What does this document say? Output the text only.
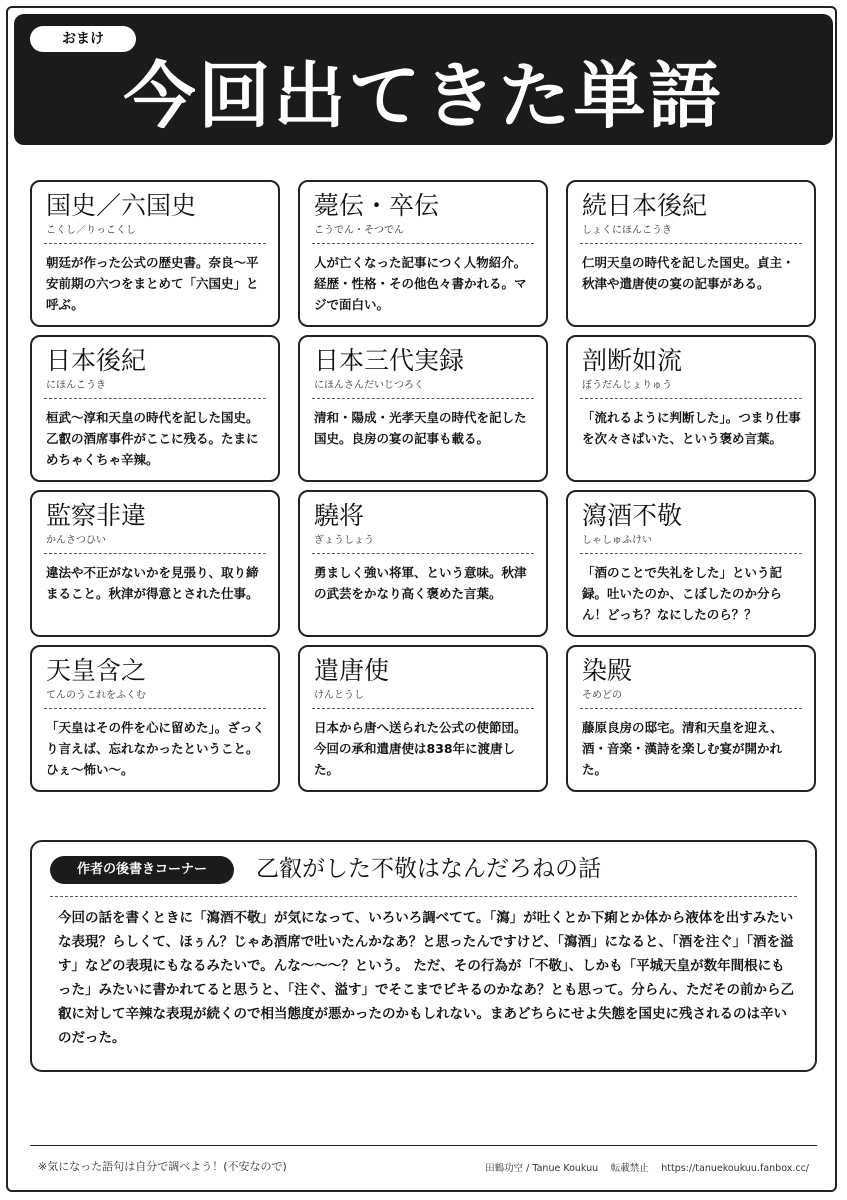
おまけ
今回出てきた単語
国史／六国史
こくし／りっこくし
朝廷が作った公式の歴史書。奈良〜平安前期の六つをまとめて「六国史」と呼ぶ。
薨伝・卒伝
こうでん・そつでん
人が亡くなった記事につく人物紹介。経歴・性格・その他色々書かれる。マジで面白い。
続日本後紀
しょくにほんこうき
仁明天皇の時代を記した国史。貞主・秋津や遣唐使の宴の記事がある。
日本後紀
にほんこうき
桓武〜淳和天皇の時代を記した国史。乙叡の酒席事件がここに残る。たまにめちゃくちゃ辛辣。
日本三代実録
にほんさんだいじつろく
清和・陽成・光孝天皇の時代を記した国史。良房の宴の記事も載る。
剖断如流
ぼうだんじょりゅう
「流れるように判断した」。つまり仕事を次々さばいた、という褒め言葉。
監察非違
かんさつひい
違法や不正がないかを見張り、取り締まること。秋津が得意とされた仕事。
驍将
ぎょうしょう
勇ましく強い将軍、という意味。秋津の武芸をかなり高く褒めた言葉。
瀉酒不敬
しゃしゅふけい
「酒のことで失礼をした」という記録。吐いたのか、こぼしたのか分らん！どっち？なにしたのら？？
天皇含之
てんのうこれをふくむ
「天皇はその件を心に留めた」。ざっくり言えば、忘れなかったということ。ひぇ〜怖い〜。
遣唐使
けんとうし
日本から唐へ送られた公式の使節団。今回の承和遣唐使は838年に渡唐した。
染殿
そめどの
藤原良房の邸宅。清和天皇を迎え、酒・音楽・漢詩を楽しむ宴が開かれた。
作者の後書きコーナー	乙叡がした不敬はなんだろねの話
今回の話を書くときに「瀉酒不敬」が気になって、いろいろ調べてて。「瀉」が吐くとか下痢とか体から液体を出すみたいな表現？らしくて、ほぅん？じゃあ酒席で吐いたんかなあ？と思ったんですけど、「瀉酒」になると、「酒を注ぐ」「酒を溢す」などの表現にもなるみたいで。んな〜〜〜？という。 ただ、その行為が「不敬」、しかも「平城天皇が数年間根にもった」みたいに書かれてると思うと、「注ぐ、溢す」でそこまでピキるのかなあ？とも思って。分らん、ただその前から乙叡に対して辛辣な表現が続くので相当態度が悪かったのかもしれない。まあどちらにせよ失態を国史に残されるのは辛いのだった。
※気になった語句は自分で調べよう！(不安なので)	田鶴功空 / Tanue Koukuu　 転載禁止　 https://tanuekoukuu.fanbox.cc/
